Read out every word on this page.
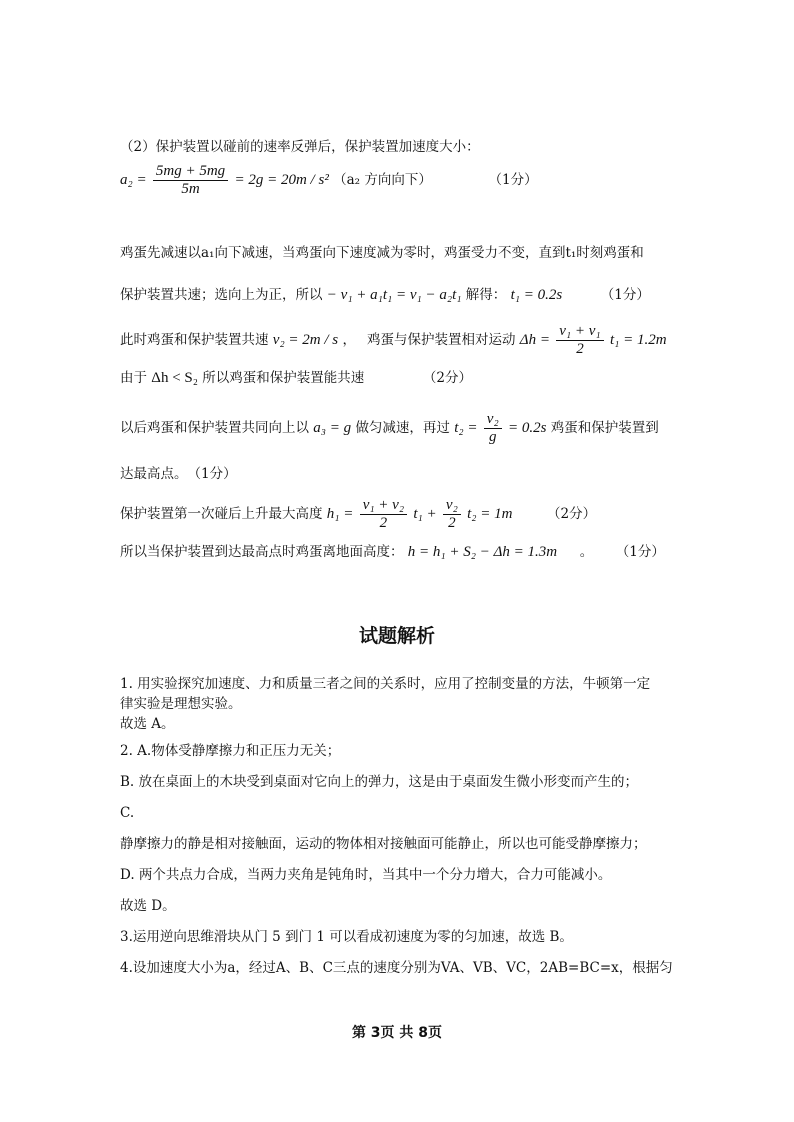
（2）保护装置以碰前的速率反弹后，保护装置加速度大小：
$a_2 = \frac{5mg + 5mg}{5m} = 2g = 20m / s^2$ （a₂ 方向向下）	（1分）
鸡蛋先减速以a₁向下减速，当鸡蛋向下速度减为零时，鸡蛋受力不变，直到t₁时刻鸡蛋和
保护装置共速；选向上为正，所以 − v₁ + a₁t₁ = v₁ − a₂t₁ 解得： t₁ = 0.2s	（1分）
此时鸡蛋和保护装置共速 v₂ = 2m / s ，　 鸡蛋与保护装置相对运动 $\Delta h = \frac{\text{v₁ + v₁}}{2} t_1 = 1.2m$
由于 Δh < S₂ 所以鸡蛋和保护装置能共速	（2分）
以后鸡蛋和保护装置共同向上以 a₃ = g 做匀减速，再过 $t_2 = \frac{\text{v₂}}{g} = 0.2s$ 鸡蛋和保护装置到
达最高点。　（1分）
保护装置第一次碰后上升最大高度 $h_1 = \frac{\text{v₁ + v₂}}{2} t_1 + \frac{\text{v₂}}{2} t_2 = 1m$	（2分）
所以当保护装置到达最高点时鸡蛋离地面高度： h = h₁ + S₂ − Δh = 1.3m 。 （1分）
试题解析
1. 用实验探究加速度、力和质量三者之间的关系时，应用了控制变量的方法，牛顿第一定
律实验是理想实验。
故选 A。
2. A.物体受静摩擦力和正压力无关；
B. 放在桌面上的木块受到桌面对它向上的弹力，这是由于桌面发生微小形变而产生的；
C.
静摩擦力的静是相对接触面，运动的物体相对接触面可能静止，所以也可能受静摩擦力；
D. 两个共点力合成，当两力夹角是钝角时，当其中一个分力增大，合力可能减小。
故选 D。
3.运用逆向思维滑块从门 5 到门 1 可以看成初速度为零的匀加速，故选 B。
4.设加速度大小为a，经过A、B、C三点的速度分别为VA、VB、VC，2AB=BC=x，根据匀
第 3页 共 8页
